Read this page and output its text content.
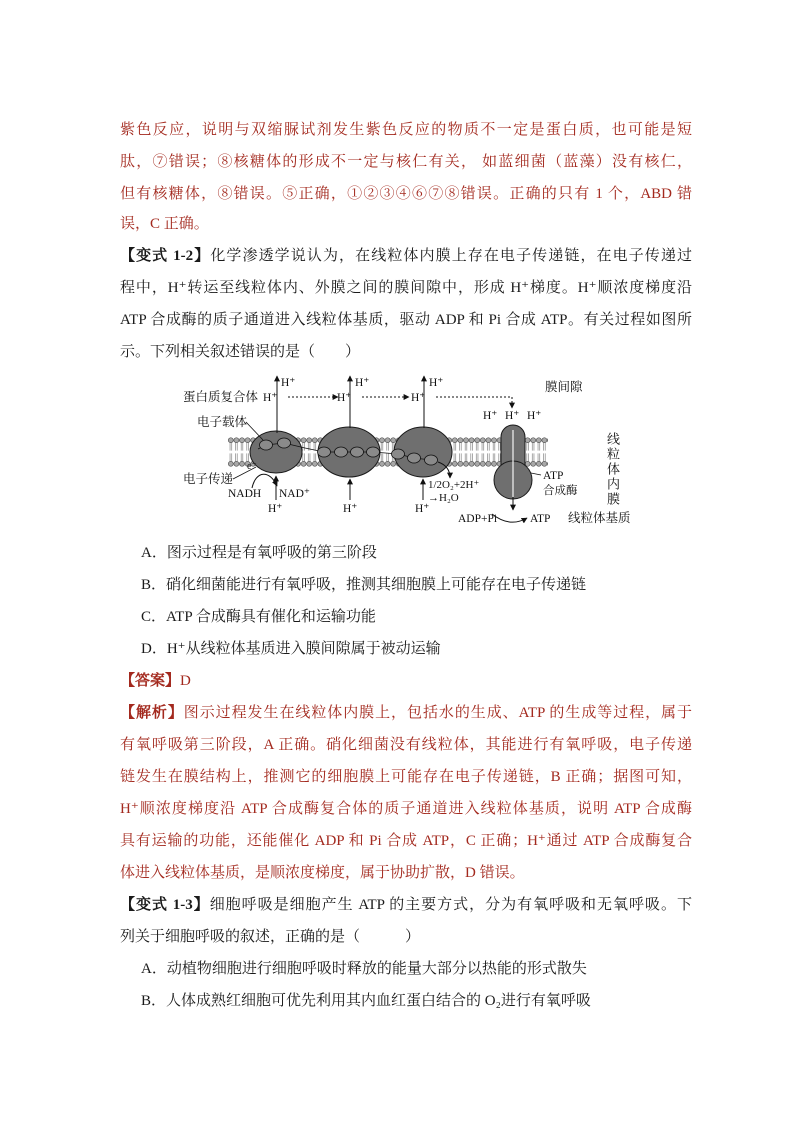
紫色反应，说明与双缩脲试剂发生紫色反应的物质不一定是蛋白质，也可能是短
肽，⑦错误；⑧核糖体的形成不一定与核仁有关， 如蓝细菌（蓝藻）没有核仁，
但有核糖体，⑧错误。⑤正确，①②③④⑥⑦⑧错误。正确的只有 1 个，ABD 错
误，C 正确。
【变式 1-2】化学渗透学说认为，在线粒体内膜上存在电子传递链，在电子传递过
程中，H⁺转运至线粒体内、外膜之间的膜间隙中，形成 H⁺梯度。H⁺顺浓度梯度沿
ATP 合成酶的质子通道进入线粒体基质，驱动 ADP 和 Pi 合成 ATP。有关过程如图所
示。下列相关叙述错误的是（　　）
蛋白质复合体
电子载体
电子传递
e⁻
NADH NAD⁺
H⁺	H⁺	H⁺
H⁺	H⁺	H⁺
H⁺ H⁺ H⁺
H⁺	H⁺	H⁺
膜间隙
1/2O₂+2H⁺
→H₂O
ATP
合成酶
ADP+Pi	ATP 线粒体基质
线粒体内膜
A．图示过程是有氧呼吸的第三阶段
B．硝化细菌能进行有氧呼吸，推测其细胞膜上可能存在电子传递链
C．ATP 合成酶具有催化和运输功能
D．H⁺从线粒体基质进入膜间隙属于被动运输
【答案】D
【解析】图示过程发生在线粒体内膜上，包括水的生成、ATP 的生成等过程，属于
有氧呼吸第三阶段，A 正确。硝化细菌没有线粒体，其能进行有氧呼吸，电子传递
链发生在膜结构上，推测它的细胞膜上可能存在电子传递链，B 正确；据图可知，
H⁺顺浓度梯度沿 ATP 合成酶复合体的质子通道进入线粒体基质，说明 ATP 合成酶
具有运输的功能，还能催化 ADP 和 Pi 合成 ATP，C 正确；H⁺通过 ATP 合成酶复合
体进入线粒体基质，是顺浓度梯度，属于协助扩散，D 错误。
【变式 1-3】细胞呼吸是细胞产生 ATP 的主要方式，分为有氧呼吸和无氧呼吸。下
列关于细胞呼吸的叙述，正确的是（　　　）
A．动植物细胞进行细胞呼吸时释放的能量大部分以热能的形式散失
B．人体成熟红细胞可优先利用其内血红蛋白结合的 O₂进行有氧呼吸
